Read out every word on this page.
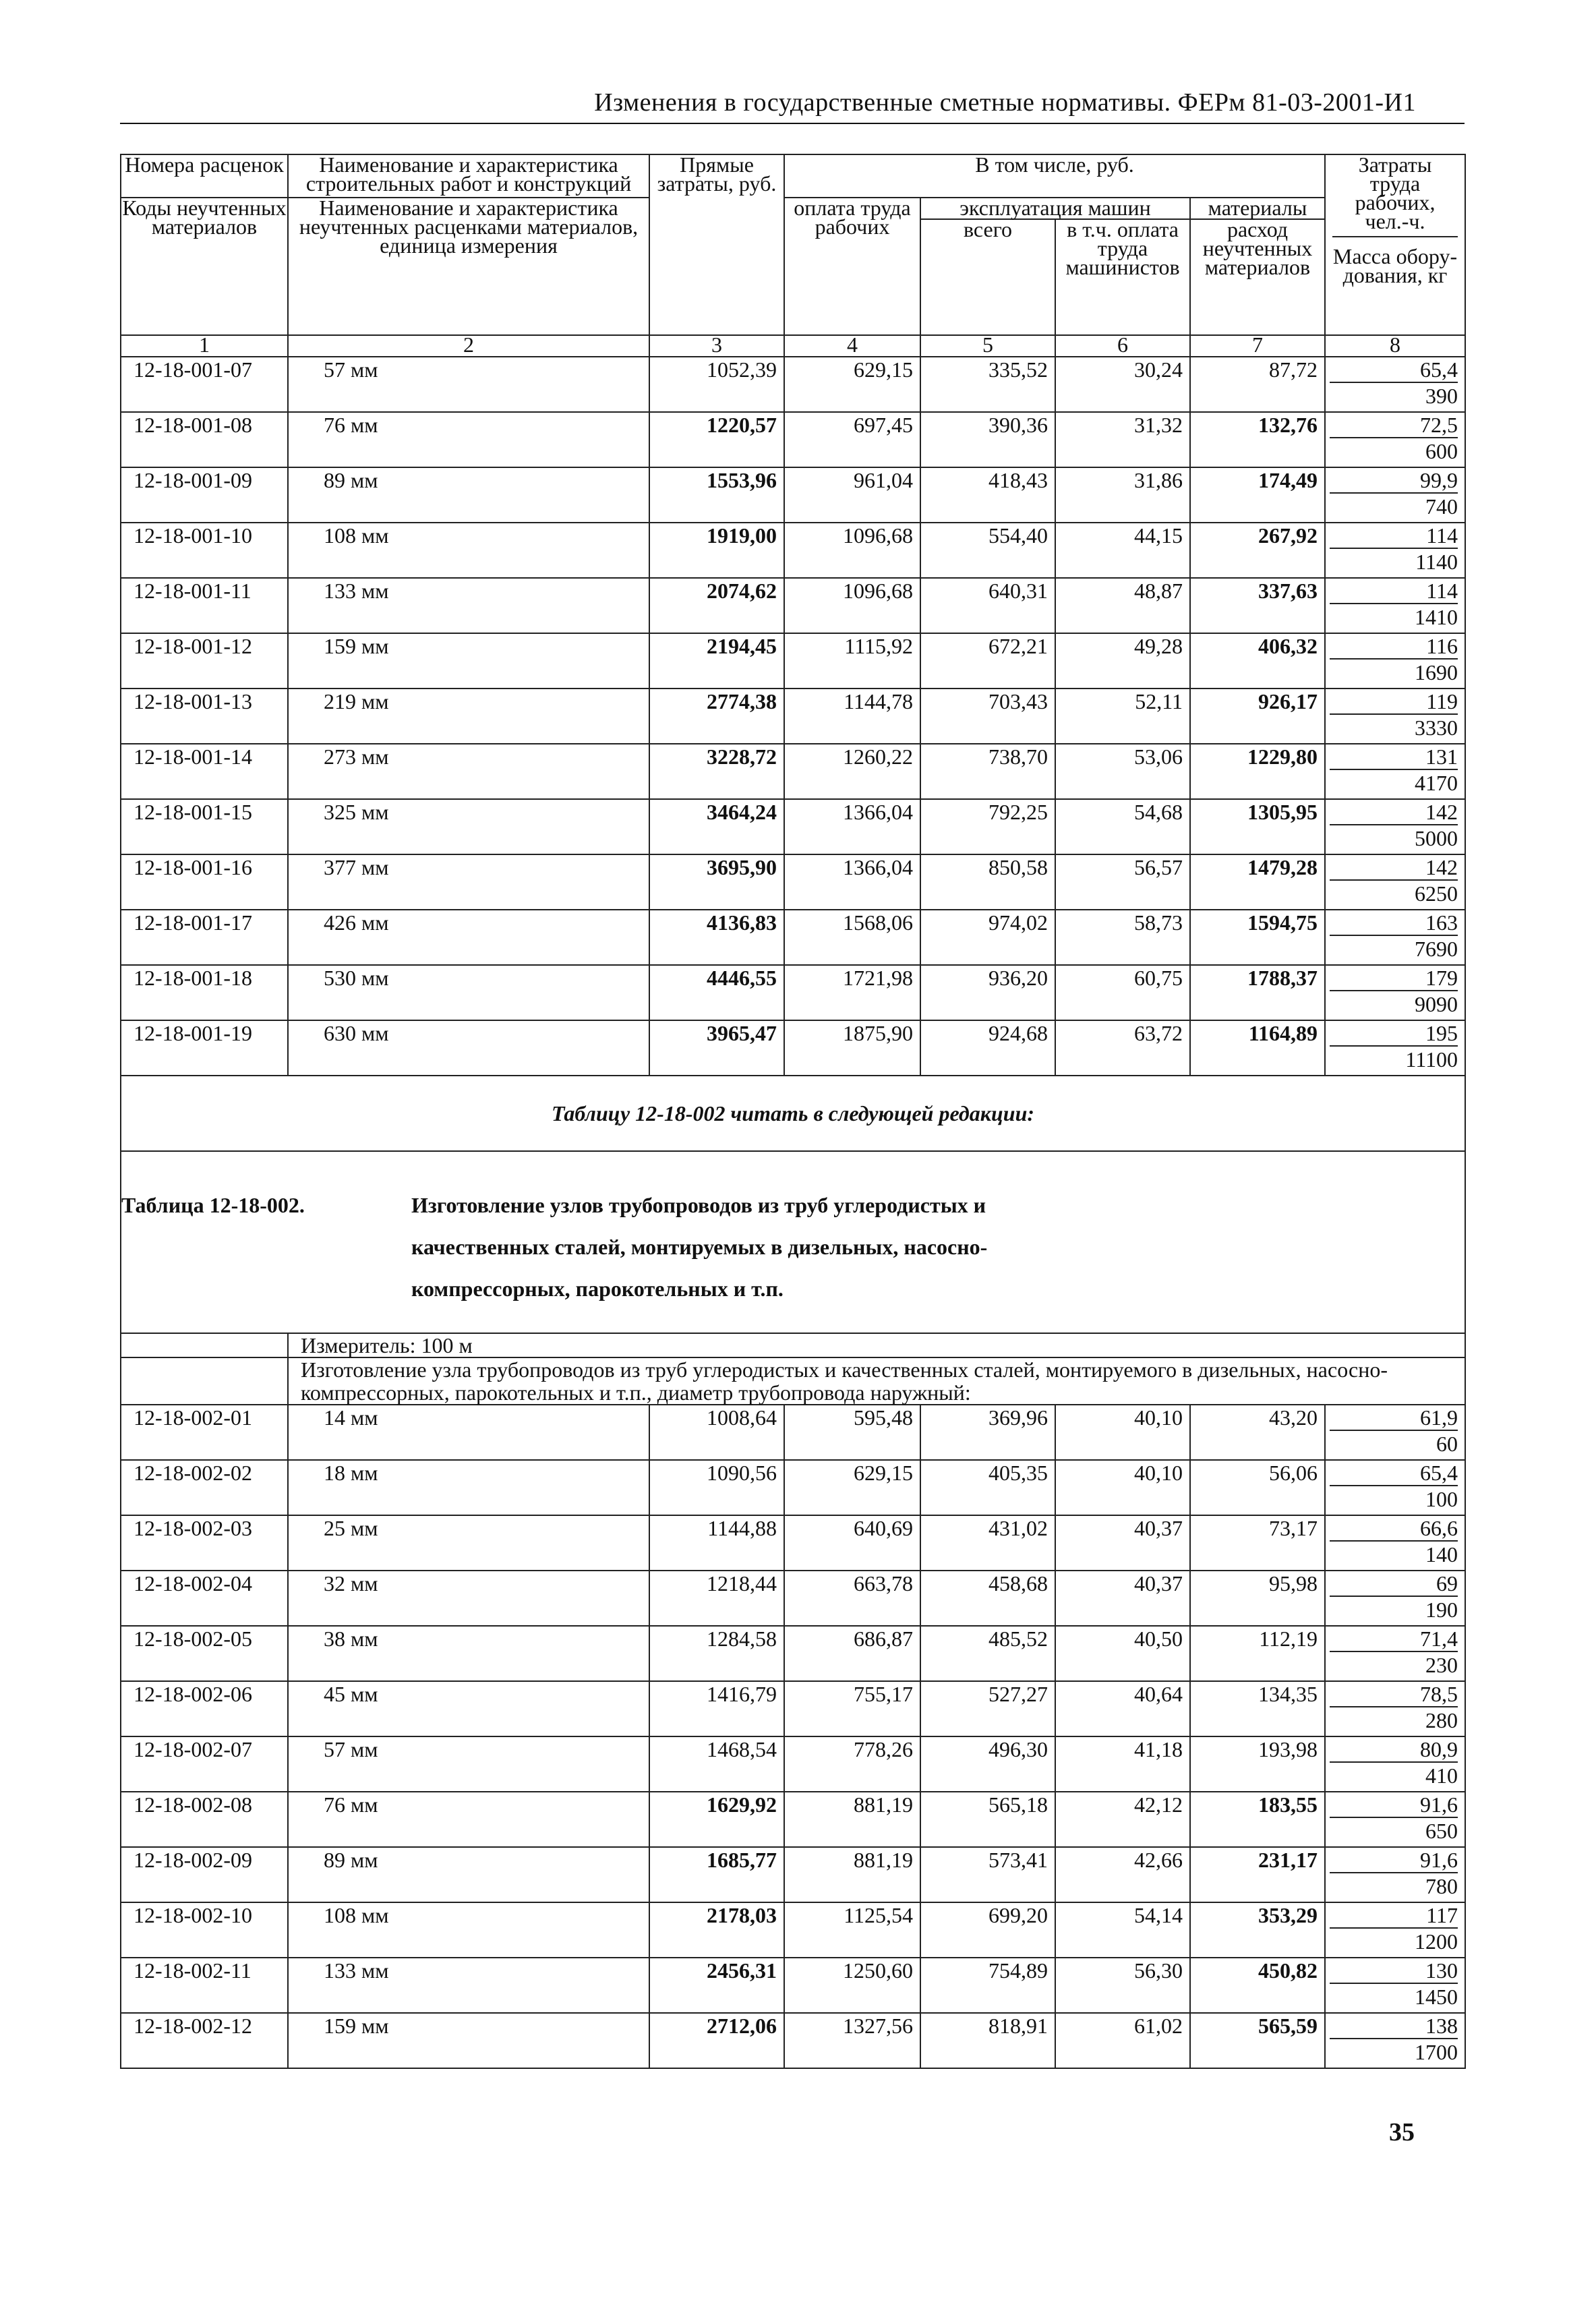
Изменения в государственные сметные нормативы. ФЕРм 81-03-2001-И1
Номера расценок	Наименование и характеристика строительных работ и конструкций	Прямые затраты, руб.	В том числе, руб.				Затраты труда рабочих, чел.-ч.
Масса обору-дования, кг

Коды неучтенных материалов	Наименование и характеристика неучтенных расценками материалов, единица измерения		оплата труда рабочих	эксплуатация машин		материалы	
				всего	в т.ч. оплата труда машинистов	расход неучтенных материалов	
1	2	3	4	5	6	7	8
12-18-001-07	57 мм	1052,39	629,15	335,52	30,24	87,72	65,4
390

12-18-001-08	76 мм	1220,57	697,45	390,36	31,32	132,76	72,5
600

12-18-001-09	89 мм	1553,96	961,04	418,43	31,86	174,49	99,9
740

12-18-001-10	108 мм	1919,00	1096,68	554,40	44,15	267,92	114
1140

12-18-001-11	133 мм	2074,62	1096,68	640,31	48,87	337,63	114
1410

12-18-001-12	159 мм	2194,45	1115,92	672,21	49,28	406,32	116
1690

12-18-001-13	219 мм	2774,38	1144,78	703,43	52,11	926,17	119
3330

12-18-001-14	273 мм	3228,72	1260,22	738,70	53,06	1229,80	131
4170

12-18-001-15	325 мм	3464,24	1366,04	792,25	54,68	1305,95	142
5000

12-18-001-16	377 мм	3695,90	1366,04	850,58	56,57	1479,28	142
6250

12-18-001-17	426 мм	4136,83	1568,06	974,02	58,73	1594,75	163
7690

12-18-001-18	530 мм	4446,55	1721,98	936,20	60,75	1788,37	179
9090

12-18-001-19	630 мм	3965,47	1875,90	924,68	63,72	1164,89	195
11100

Таблицу 12-18-002 читать в следующей редакции:							

Таблица 12-18-002. Изготовление узлов трубопроводов из труб углеродистых и
качественных сталей, монтируемых в дизельных, насосно-
компрессорных, парокотельных и т.п.							

	Измеритель: 100 м						
	Изготовление узла трубопроводов из труб углеродистых и качественных сталей, монтируемого в дизельных, насосно-компрессорных, парокотельных и т.п., диаметр трубопровода наружный:						
12-18-002-01	14 мм	1008,64	595,48	369,96	40,10	43,20	61,9
60

12-18-002-02	18 мм	1090,56	629,15	405,35	40,10	56,06	65,4
100

12-18-002-03	25 мм	1144,88	640,69	431,02	40,37	73,17	66,6
140

12-18-002-04	32 мм	1218,44	663,78	458,68	40,37	95,98	69
190

12-18-002-05	38 мм	1284,58	686,87	485,52	40,50	112,19	71,4
230

12-18-002-06	45 мм	1416,79	755,17	527,27	40,64	134,35	78,5
280

12-18-002-07	57 мм	1468,54	778,26	496,30	41,18	193,98	80,9
410

12-18-002-08	76 мм	1629,92	881,19	565,18	42,12	183,55	91,6
650

12-18-002-09	89 мм	1685,77	881,19	573,41	42,66	231,17	91,6
780

12-18-002-10	108 мм	2178,03	1125,54	699,20	54,14	353,29	117
1200

12-18-002-11	133 мм	2456,31	1250,60	754,89	56,30	450,82	130
1450

12-18-002-12	159 мм	2712,06	1327,56	818,91	61,02	565,59	138
1700
35
